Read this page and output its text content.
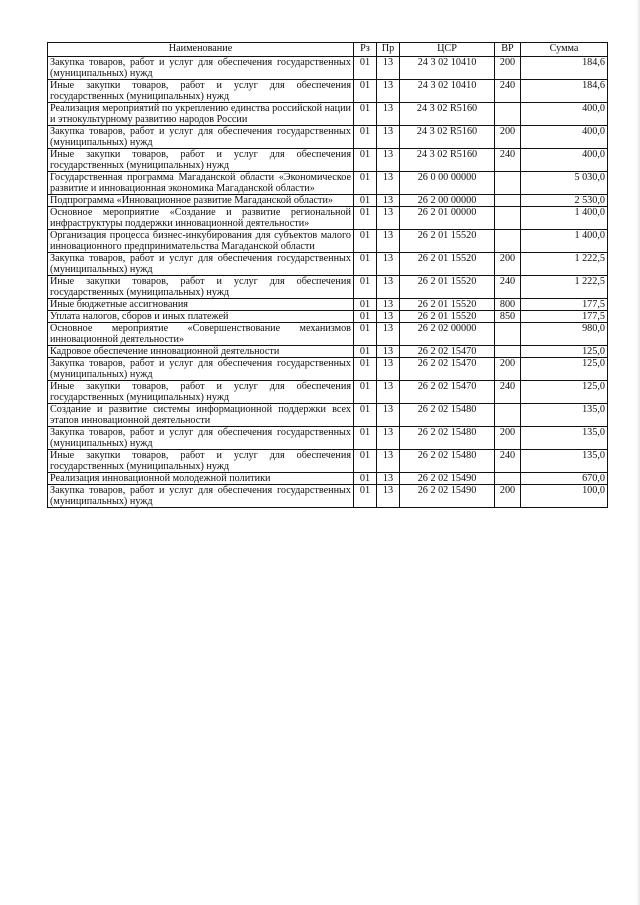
Наименование	Рз	Пр	ЦСР	ВР	Сумма
Закупка товаров, работ и услуг для обеспечения государственных (муниципальных) нужд	01	13	24 3 02 10410	200	184,6
Иные закупки товаров, работ и услуг для обеспечения государственных (муниципальных) нужд	01	13	24 3 02 10410	240	184,6
Реализация мероприятий по укреплению единства российской нации и этнокультурному развитию народов России	01	13	24 3 02 R5160		400,0
Закупка товаров, работ и услуг для обеспечения государственных (муниципальных) нужд	01	13	24 3 02 R5160	200	400,0
Иные закупки товаров, работ и услуг для обеспечения государственных (муниципальных) нужд	01	13	24 3 02 R5160	240	400,0
Государственная программа Магаданской области «Экономическое развитие и инновационная экономика Магаданской области»	01	13	26 0 00 00000		5 030,0
Подпрограмма «Инновационное развитие Магаданской области»	01	13	26 2 00 00000		2 530,0
Основное мероприятие «Создание и развитие региональной инфраструктуры поддержки инновационной деятельности»	01	13	26 2 01 00000		1 400,0
Организация процесса бизнес-инкубирования для субъектов малого инновационного предпринимательства Магаданской области	01	13	26 2 01 15520		1 400,0
Закупка товаров, работ и услуг для обеспечения государственных (муниципальных) нужд	01	13	26 2 01 15520	200	1 222,5
Иные закупки товаров, работ и услуг для обеспечения государственных (муниципальных) нужд	01	13	26 2 01 15520	240	1 222,5
Иные бюджетные ассигнования	01	13	26 2 01 15520	800	177,5
Уплата налогов, сборов и иных платежей	01	13	26 2 01 15520	850	177,5
Основное мероприятие «Совершенствование механизмов инновационной деятельности»	01	13	26 2 02 00000		980,0
Кадровое обеспечение инновационной деятельности	01	13	26 2 02 15470		125,0
Закупка товаров, работ и услуг для обеспечения государственных (муниципальных) нужд	01	13	26 2 02 15470	200	125,0
Иные закупки товаров, работ и услуг для обеспечения государственных (муниципальных) нужд	01	13	26 2 02 15470	240	125,0
Создание и развитие системы информационной поддержки всех этапов инновационной деятельности	01	13	26 2 02 15480		135,0
Закупка товаров, работ и услуг для обеспечения государственных (муниципальных) нужд	01	13	26 2 02 15480	200	135,0
Иные закупки товаров, работ и услуг для обеспечения государственных (муниципальных) нужд	01	13	26 2 02 15480	240	135,0
Реализация инновационной молодежной политики	01	13	26 2 02 15490		670,0
Закупка товаров, работ и услуг для обеспечения государственных (муниципальных) нужд	01	13	26 2 02 15490	200	100,0
